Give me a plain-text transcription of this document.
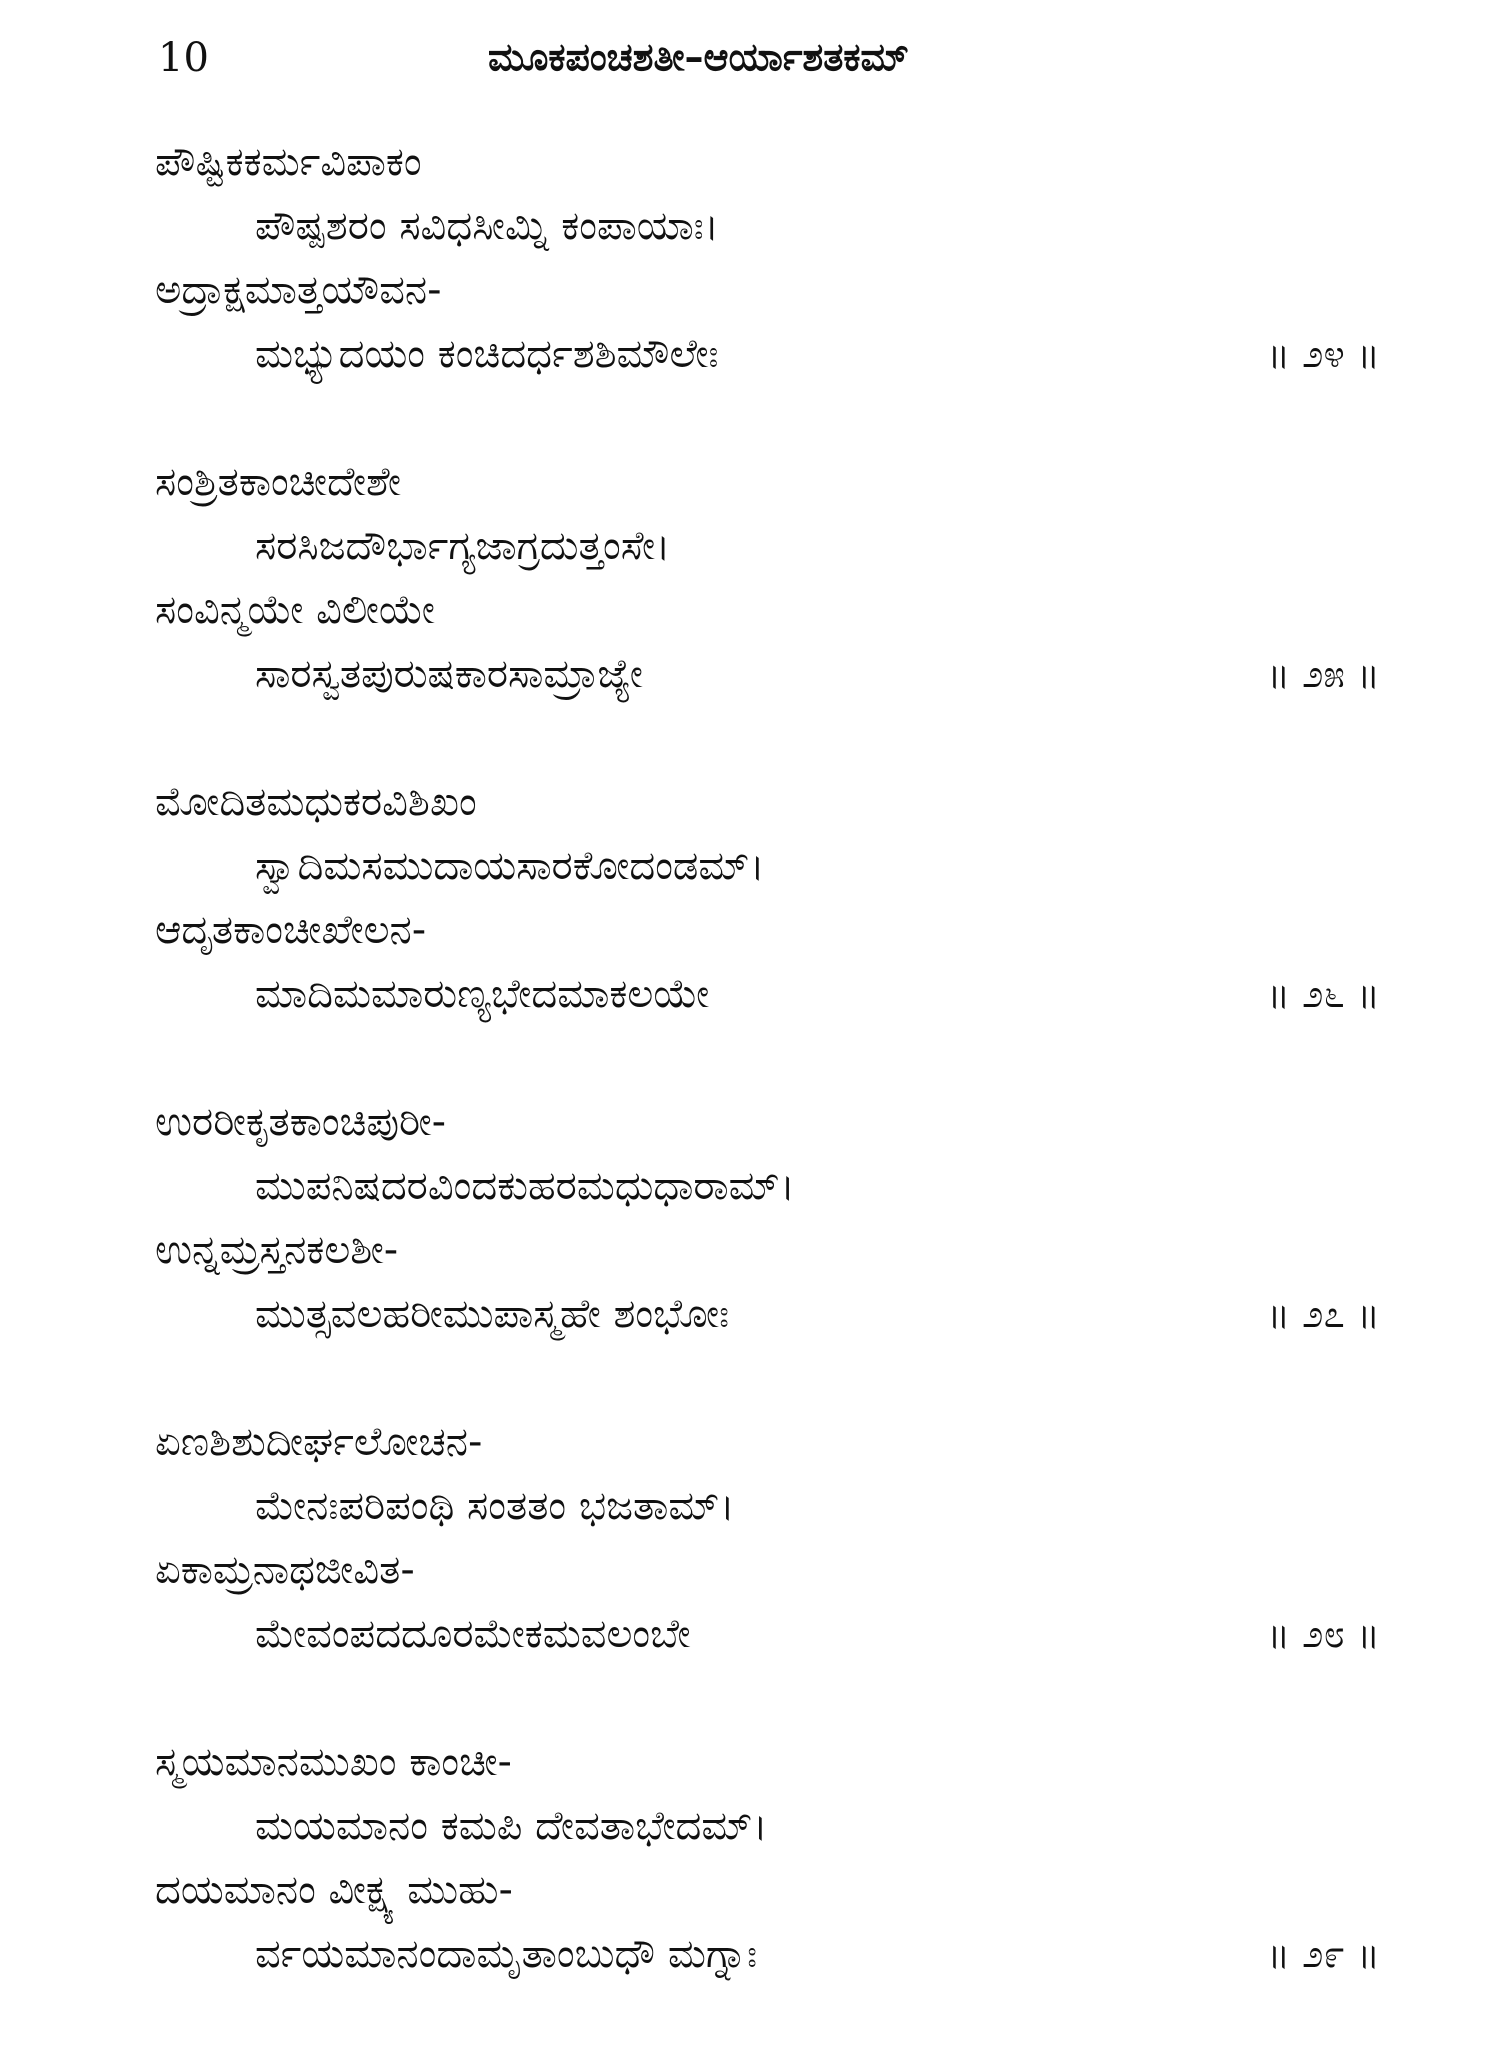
10	ಮೂಕಪಂಚಶತೀ–ಆರ್ಯಾಶತಕಮ್
ಪೌಷ್ಟಿಕಕರ್ಮವಿಪಾಕಂ
ಪೌಷ್ಪಶರಂ ಸವಿಧಸೀಮ್ನಿ ಕಂಪಾಯಾಃ।
ಅದ್ರಾಕ್ಷಮಾತ್ತಯೌವನ-
ಮಭ್ಯುದಯಂ ಕಂಚಿದರ್ಧಶಶಿಮೌಲೇಃ	॥ ೨೪ ॥
ಸಂಶ್ರಿತಕಾಂಚೀದೇಶೇ
ಸರಸಿಜದೌರ್ಭಾಗ್ಯಜಾಗ್ರದುತ್ತಂಸೇ।
ಸಂವಿನ್ಮಯೇ ವಿಲೀಯೇ
ಸಾರಸ್ವತಪುರುಷಕಾರಸಾಮ್ರಾಜ್ಯೇ	॥ ೨೫ ॥
ಮೋದಿತಮಧುಕರವಿಶಿಖಂ
ಸ್ವಾದಿಮಸಮುದಾಯಸಾರಕೋದಂಡಮ್।
ಆದೃತಕಾಂಚೀಖೇಲನ-
ಮಾದಿಮಮಾರುಣ್ಯಭೇದಮಾಕಲಯೇ	॥ ೨೬ ॥
ಉರರೀಕೃತಕಾಂಚಿಪುರೀ-
ಮುಪನಿಷದರವಿಂದಕುಹರಮಧುಧಾರಾಮ್।
ಉನ್ನಮ್ರಸ್ತನಕಲಶೀ-
ಮುತ್ಸವಲಹರೀಮುಪಾಸ್ಮಹೇ ಶಂಭೋಃ	॥ ೨೭ ॥
ಏಣಶಿಶುದೀರ್ಘಲೋಚನ-
ಮೇನಃಪರಿಪಂಥಿ ಸಂತತಂ ಭಜತಾಮ್।
ಏಕಾಮ್ರನಾಥಜೀವಿತ-
ಮೇವಂಪದದೂರಮೇಕಮವಲಂಬೇ	॥ ೨೮ ॥
ಸ್ಮಯಮಾನಮುಖಂ ಕಾಂಚೀ-
ಮಯಮಾನಂ ಕಮಪಿ ದೇವತಾಭೇದಮ್।
ದಯಮಾನಂ ವೀಕ್ಷ್ಯ ಮುಹು-
ರ್ವಯಮಾನಂದಾಮೃತಾಂಬುಧೌ ಮಗ್ನಾಃ	॥ ೨೯ ॥
